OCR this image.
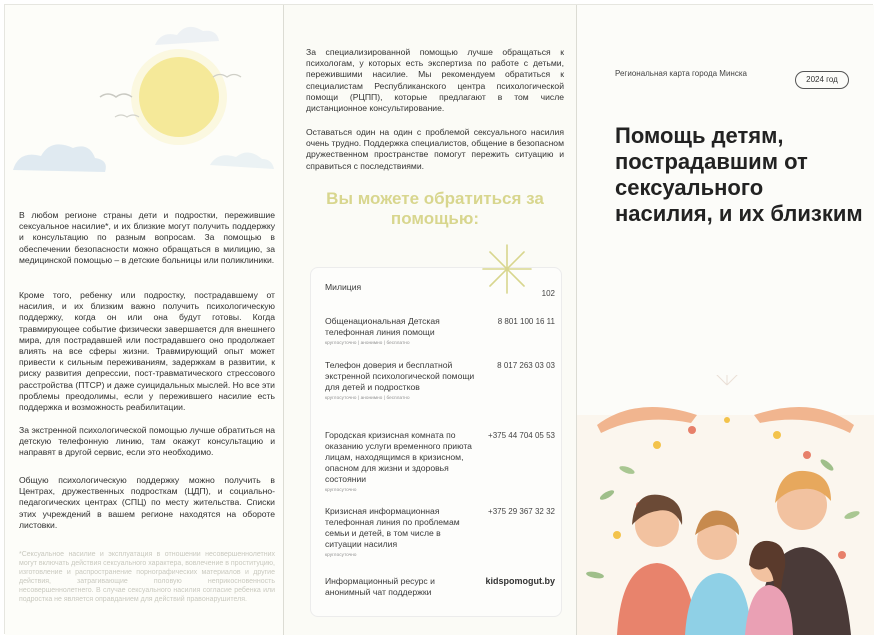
В любом регионе страны дети и подростки, пережившие сексуальное насилие*, и их близкие могут получить поддержку и консультацию по разным вопросам. За помощью в обеспечении безопасности можно обращаться в милицию, за медицинской помощью – в детские больницы или поликлиники.

Кроме того, ребенку или подростку, пострадавшему от насилия, и их близким важно получить психологическую поддержку, когда он или она будут готовы. Когда травмирующее событие физически завершается для внешнего мира, для пострадавшей или пострадавшего оно продолжает влиять на все сферы жизни. Травмирующий опыт может привести к сильным переживаниям, задержкам в развитии, к риску развития депрессии, пост-травматического стрессового расстройства (ПТСР) и даже суицидальных мыслей. Но все эти проблемы преодолимы, если у пережившего насилие есть поддержка и возможность реабилитации.

За экстренной психологической помощью лучше обратиться на детскую телефонную линию, там окажут консультацию и направят в другой сервис, если это необходимо.

Общую психологическую поддержку можно получить в Центрах, дружественных подросткам (ЦДП), и социально-педагогических центрах (СПЦ) по месту жительства. Списки этих учреждений в вашем регионе находятся на обороте листовки.

*Сексуальное насилие и эксплуатация в отношении несовершеннолетних могут включать действия сексуального характера, вовлечение в проституцию, изготовление и распространение порнографических материалов и другие действия, затрагивающие половую неприкосновенность несовершеннолетнего. В случае сексуального насилия согласие ребенка или подростка не является оправданием для действий правонарушителя.

За специализированной помощью лучше обращаться к психологам, у которых есть экспертиза по работе с детьми, пережившими насилие. Мы рекомендуем обратиться к специалистам Республиканского центра психологической помощи (РЦПП), которые предлагают в том числе дистанционное консультирование.

Оставаться один на один с проблемой сексуального насилия очень трудно. Поддержка специалистов, общение в безопасном дружественном пространстве помогут пережить ситуацию и справиться с последствиями.

Вы можете обратиться за помощью:
Милиция
102
Общенациональная Детская телефонная линия помощи
8 801 100 16 11
круглосуточно | анонимно | бесплатно
Телефон доверия и бесплатной экстренной психологической помощи для детей и подростков
8 017 263 03 03
круглосуточно | анонимно | бесплатно
Городская кризисная комната по оказанию услуги временного приюта лицам, находящимся в кризисном, опасном для жизни и здоровья состоянии
+375 44 704 05 53
круглосуточно
Кризисная информационная телефонная линия по проблемам семьи и детей, в том числе в ситуации насилия
+375 29 367 32 32
круглосуточно
Информационный ресурс и анонимный чат поддержки
kidspomogut.by
Региональная карта города Минска
2024 год
Помощь детям, пострадавшим от сексуального насилия, и их близким
